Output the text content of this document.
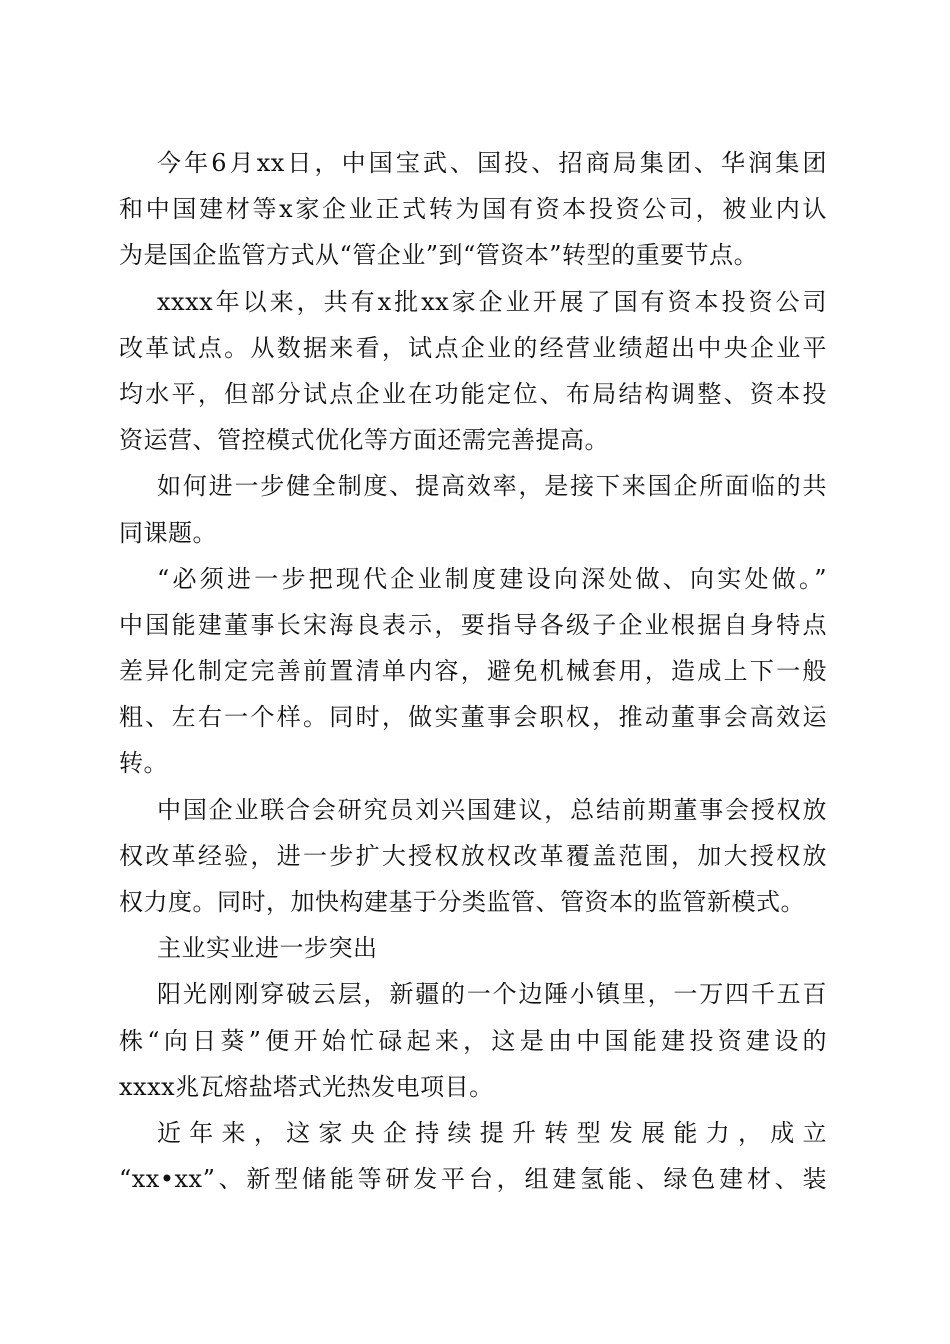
今年6月xx日，中国宝武、国投、招商局集团、华润集团
和中国建材等x家企业正式转为国有资本投资公司，被业内认
为是国企监管方式从“管企业”到“管资本”转型的重要节点。
xxxx年以来，共有x批xx家企业开展了国有资本投资公司
改革试点。从数据来看，试点企业的经营业绩超出中央企业平
均水平，但部分试点企业在功能定位、布局结构调整、资本投
资运营、管控模式优化等方面还需完善提高。
如何进一步健全制度、提高效率，是接下来国企所面临的共
同课题。
“必须进一步把现代企业制度建设向深处做、向实处做。”
中国能建董事长宋海良表示，要指导各级子企业根据自身特点
差异化制定完善前置清单内容，避免机械套用，造成上下一般
粗、左右一个样。同时，做实董事会职权，推动董事会高效运
转。
中国企业联合会研究员刘兴国建议，总结前期董事会授权放
权改革经验，进一步扩大授权放权改革覆盖范围，加大授权放
权力度。同时，加快构建基于分类监管、管资本的监管新模式。
主业实业进一步突出
阳光刚刚穿破云层，新疆的一个边陲小镇里，一万四千五百
株“向日葵”便开始忙碌起来，这是由中国能建投资建设的
xxxx兆瓦熔盐塔式光热发电项目。
近年来，这家央企持续提升转型发展能力，成立
“xx•xx”、新型储能等研发平台，组建氢能、绿色建材、装
